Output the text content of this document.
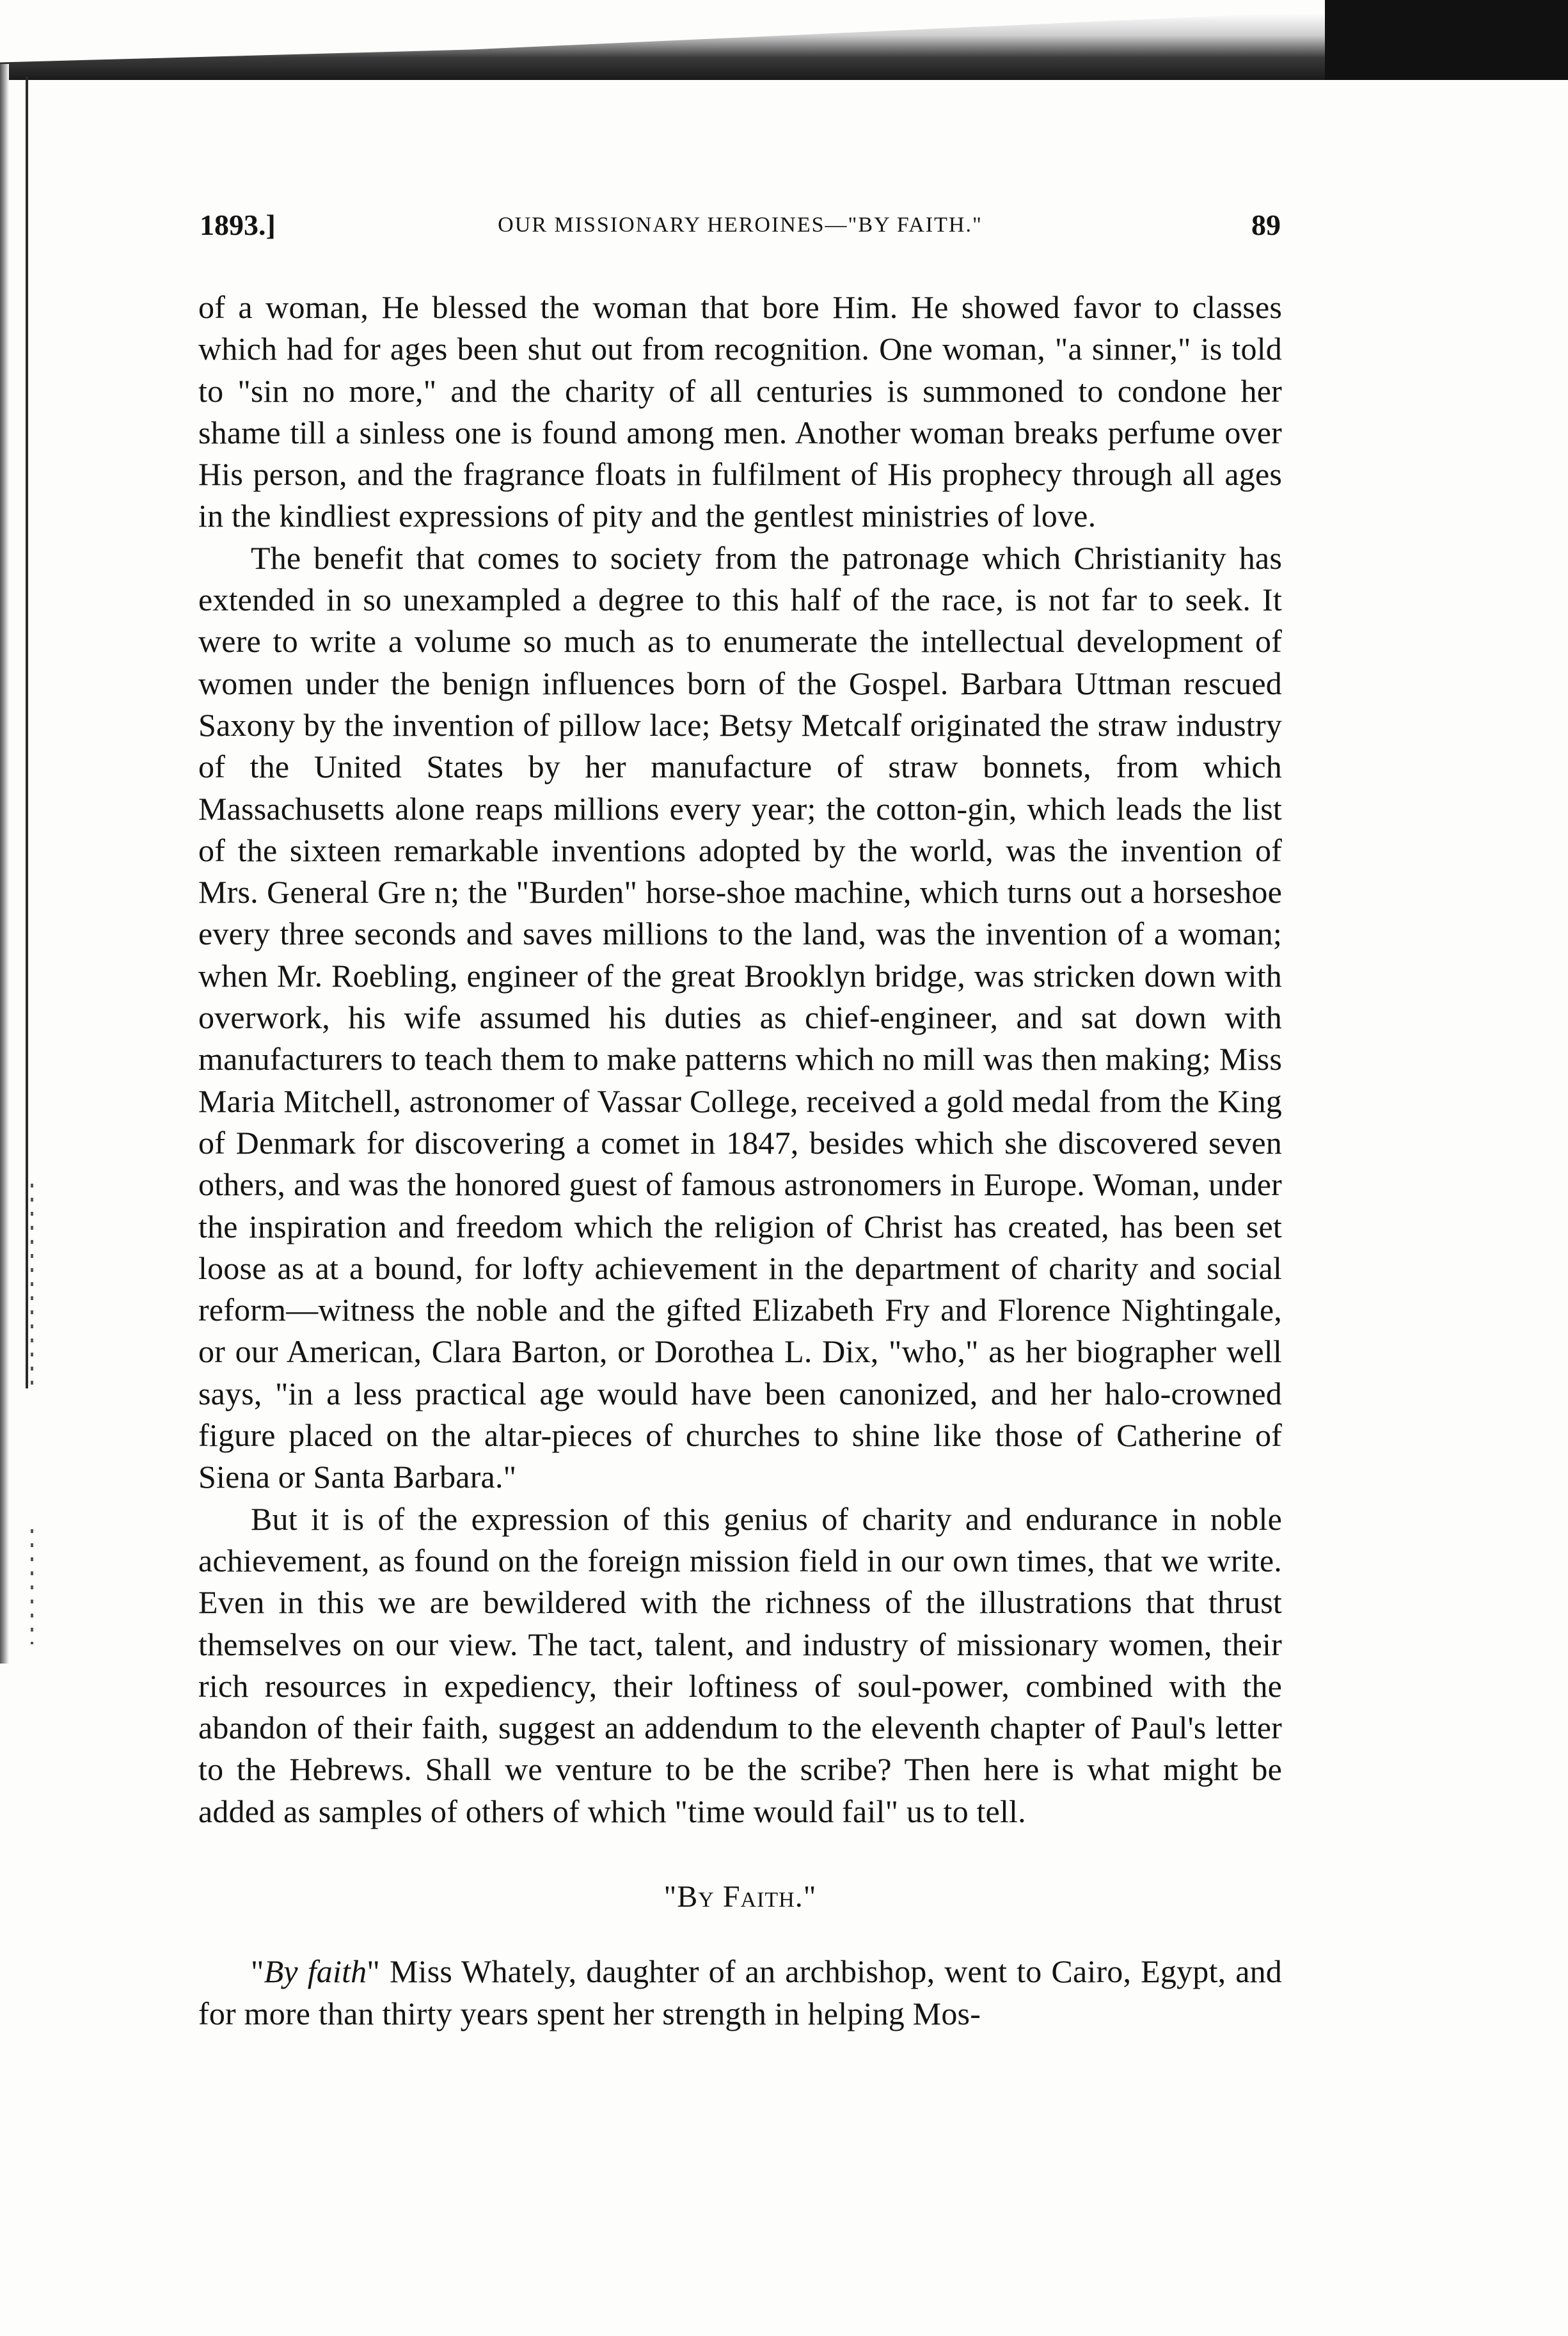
1893.]	OUR MISSIONARY HEROINES—"BY FAITH."	89

of a woman, He blessed the woman that bore Him. He showed favor to classes which had for ages been shut out from recognition. One woman, "a sinner," is told to "sin no more," and the charity of all centuries is summoned to condone her shame till a sinless one is found among men. Another woman breaks perfume over His person, and the fragrance floats in fulfilment of His prophecy through all ages in the kindliest expressions of pity and the gentlest ministries of love.

The benefit that comes to society from the patronage which Christianity has extended in so unexampled a degree to this half of the race, is not far to seek. It were to write a volume so much as to enumerate the intellectual development of women under the benign influences born of the Gospel. Barbara Uttman rescued Saxony by the invention of pillow lace; Betsy Metcalf originated the straw industry of the United States by her manufacture of straw bonnets, from which Massachusetts alone reaps millions every year; the cotton-gin, which leads the list of the sixteen remarkable inventions adopted by the world, was the invention of Mrs. General Gre n; the "Burden" horse-shoe machine, which turns out a horseshoe every three seconds and saves millions to the land, was the invention of a woman; when Mr. Roebling, engineer of the great Brooklyn bridge, was stricken down with overwork, his wife assumed his duties as chief-engineer, and sat down with manufacturers to teach them to make patterns which no mill was then making; Miss Maria Mitchell, astronomer of Vassar College, received a gold medal from the King of Denmark for discovering a comet in 1847, besides which she discovered seven others, and was the honored guest of famous astronomers in Europe. Woman, under the inspiration and freedom which the religion of Christ has created, has been set loose as at a bound, for lofty achievement in the department of charity and social reform—witness the noble and the gifted Elizabeth Fry and Florence Nightingale, or our American, Clara Barton, or Dorothea L. Dix, "who," as her biographer well says, "in a less practical age would have been canonized, and her halo-crowned figure placed on the altar-pieces of churches to shine like those of Catherine of Siena or Santa Barbara."

But it is of the expression of this genius of charity and endurance in noble achievement, as found on the foreign mission field in our own times, that we write. Even in this we are bewildered with the richness of the illustrations that thrust themselves on our view. The tact, talent, and industry of missionary women, their rich resources in expediency, their loftiness of soul-power, combined with the abandon of their faith, suggest an addendum to the eleventh chapter of Paul's letter to the Hebrews. Shall we venture to be the scribe? Then here is what might be added as samples of others of which "time would fail" us to tell.

"By Faith."

"By faith" Miss Whately, daughter of an archbishop, went to Cairo, Egypt, and for more than thirty years spent her strength in helping Mos-
